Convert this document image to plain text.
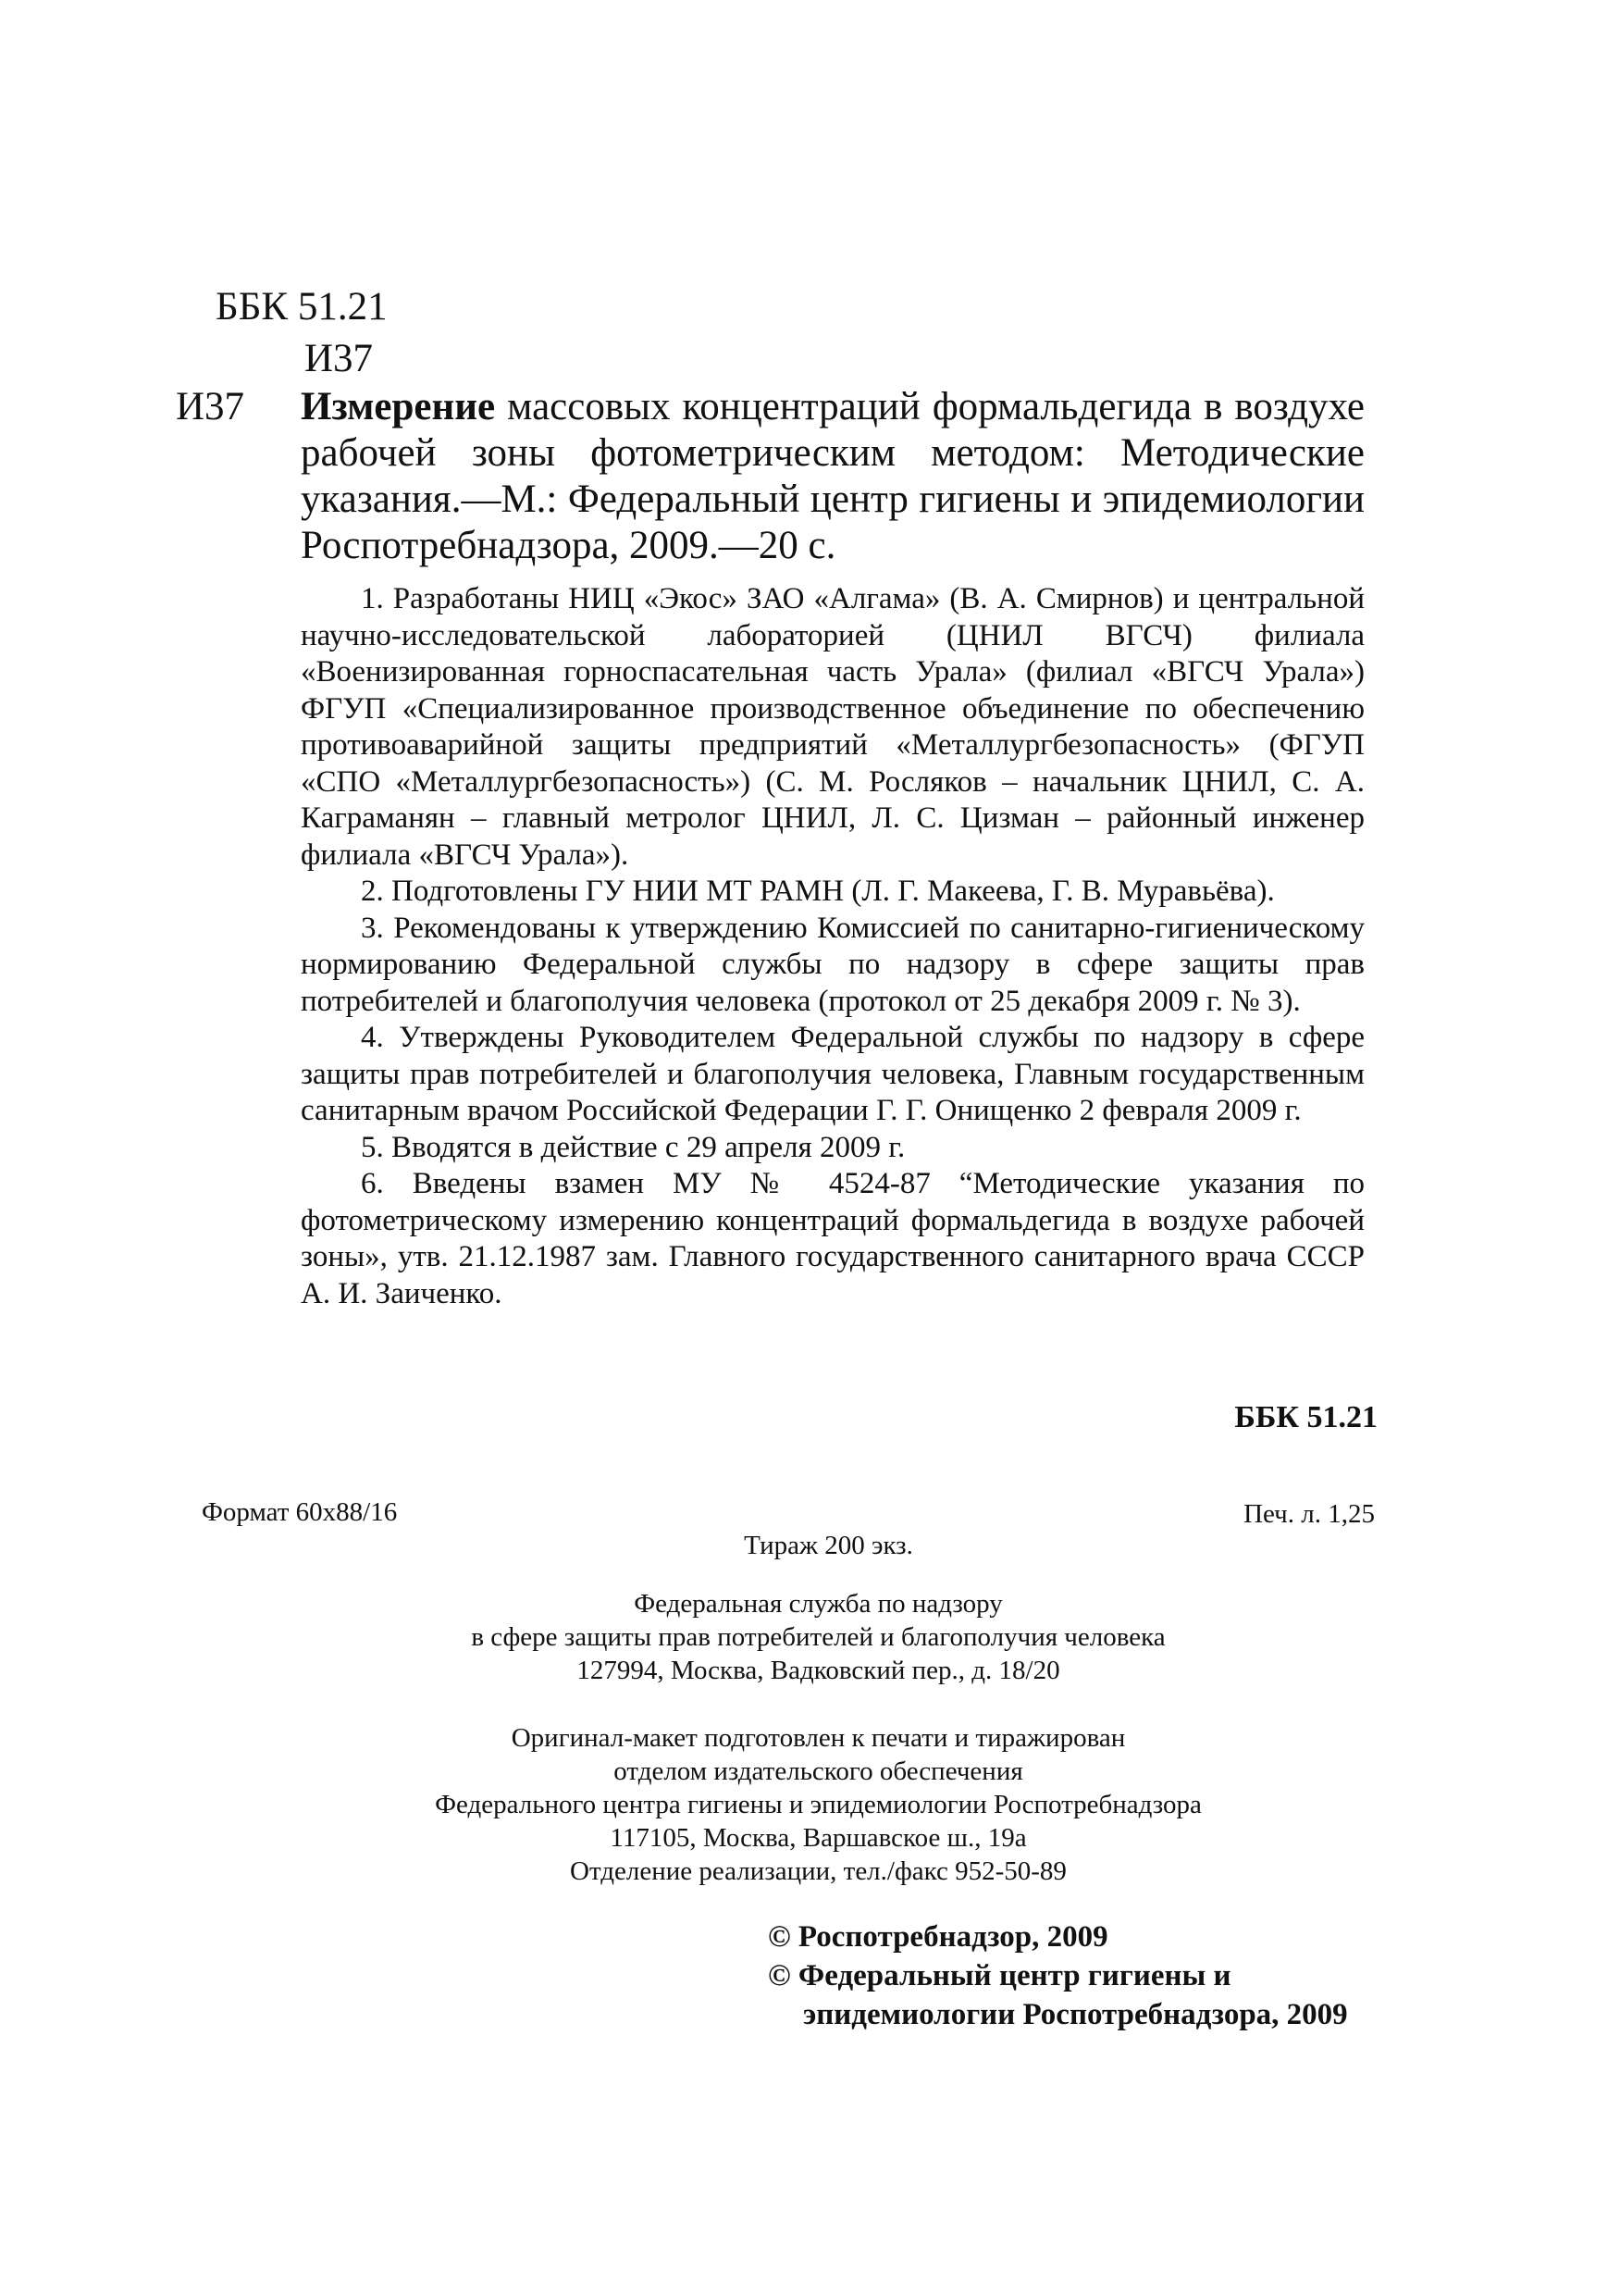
ББК 51.21
И37
И37 Измерение массовых концентраций формальдегида в воздухе рабочей зоны фотометрическим методом: Методические указания.—М.: Федеральный центр гигиены и эпидемиологии Роспотребнадзора, 2009.—20 с.

1. Разработаны НИЦ «Экос» ЗАО «Алгама» (В. А. Смирнов) и центральной научно-исследовательской лабораторией (ЦНИЛ ВГСЧ) филиала «Военизированная горноспасательная часть Урала» (филиал «ВГСЧ Урала») ФГУП «Специализированное производственное объединение по обеспечению противоаварийной защиты предприятий «Металлургбезопасность» (ФГУП «СПО «Металлургбезопасность») (С. М. Росляков – начальник ЦНИЛ, С. А. Каграманян – главный метролог ЦНИЛ, Л. С. Цизман – районный инженер филиала «ВГСЧ Урала»).

2. Подготовлены ГУ НИИ МТ РАМН (Л. Г. Макеева, Г. В. Муравьёва).

3. Рекомендованы к утверждению Комиссией по санитарно-гигиеническому нормированию Федеральной службы по надзору в сфере защиты прав потребителей и благополучия человека (протокол от 25 декабря 2009 г. № 3).

4. Утверждены Руководителем Федеральной службы по надзору в сфере защиты прав потребителей и благополучия человека, Главным государственным санитарным врачом Российской Федерации Г. Г. Онищенко 2 февраля 2009 г.

5. Вводятся в действие с 29 апреля 2009 г.

6. Введены взамен МУ № 4524-87 “Методические указания по фотометрическому измерению концентраций формальдегида в воздухе рабочей зоны», утв. 21.12.1987 зам. Главного государственного санитарного врача СССР А. И. Заиченко.

ББК 51.21
Формат 60х88/16	Печ. л. 1,25
Тираж 200 экз.
Федеральная служба по надзору
в сфере защиты прав потребителей и благополучия человека
127994, Москва, Вадковский пер., д. 18/20
Оригинал-макет подготовлен к печати и тиражирован
отделом издательского обеспечения
Федерального центра гигиены и эпидемиологии Роспотребнадзора
117105, Москва, Варшавское ш., 19а
Отделение реализации, тел./факс 952-50-89
© Роспотребнадзор, 2009
© Федеральный центр гигиены и
эпидемиологии Роспотребнадзора, 2009
